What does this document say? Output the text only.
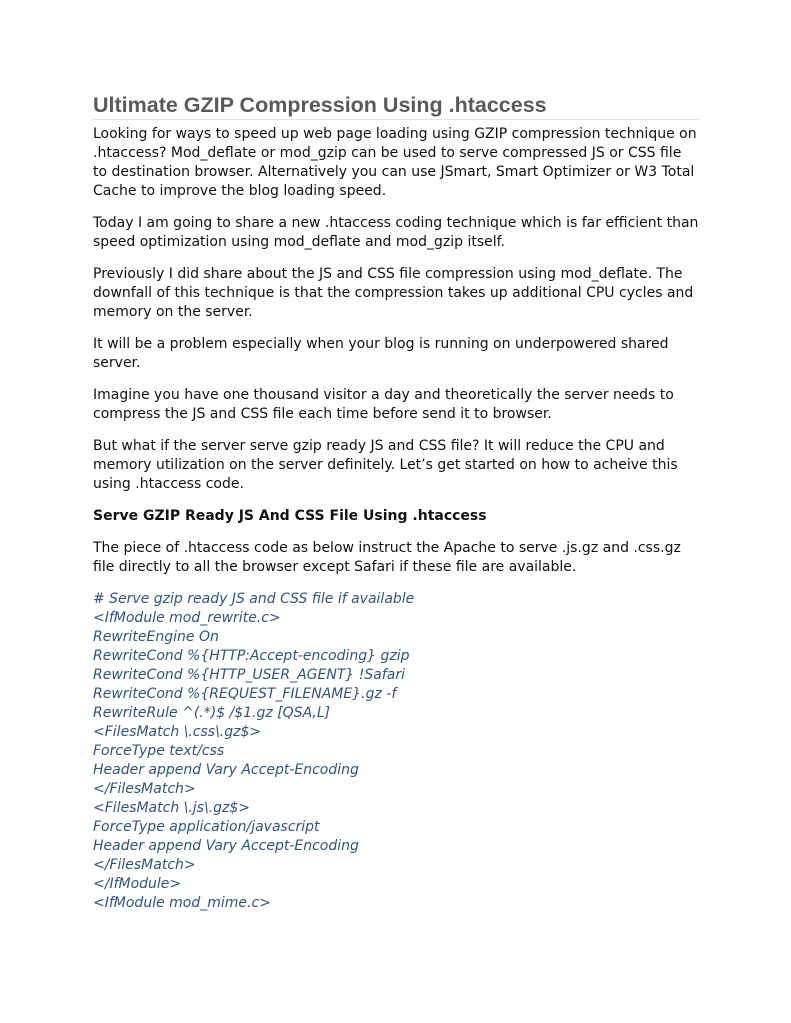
Ultimate GZIP Compression Using .htaccess

Looking for ways to speed up web page loading using GZIP compression technique on .htaccess? Mod_deflate or mod_gzip can be used to serve compressed JS or CSS file to destination browser. Alternatively you can use JSmart, Smart Optimizer or W3 Total Cache to improve the blog loading speed.

Today I am going to share a new .htaccess coding technique which is far efficient than speed optimization using mod_deflate and mod_gzip itself.

Previously I did share about the JS and CSS file compression using mod_deflate. The downfall of this technique is that the compression takes up additional CPU cycles and memory on the server.

It will be a problem especially when your blog is running on underpowered shared server.

Imagine you have one thousand visitor a day and theoretically the server needs to compress the JS and CSS file each time before send it to browser.

But what if the server serve gzip ready JS and CSS file? It will reduce the CPU and memory utilization on the server definitely. Let’s get started on how to acheive this using .htaccess code.

Serve GZIP Ready JS And CSS File Using .htaccess

The piece of .htaccess code as below instruct the Apache to serve .js.gz and .css.gz file directly to all the browser except Safari if these file are available.

# Serve gzip ready JS and CSS file if available
<IfModule mod_rewrite.c>
RewriteEngine On
RewriteCond %{HTTP:Accept-encoding} gzip
RewriteCond %{HTTP_USER_AGENT} !Safari
RewriteCond %{REQUEST_FILENAME}.gz -f
RewriteRule ^(.*)$ /$1.gz [QSA,L]
<FilesMatch \.css\.gz$>
ForceType text/css
Header append Vary Accept-Encoding
</FilesMatch>
<FilesMatch \.js\.gz$>
ForceType application/javascript
Header append Vary Accept-Encoding
</FilesMatch>
</IfModule>
<IfModule mod_mime.c>
